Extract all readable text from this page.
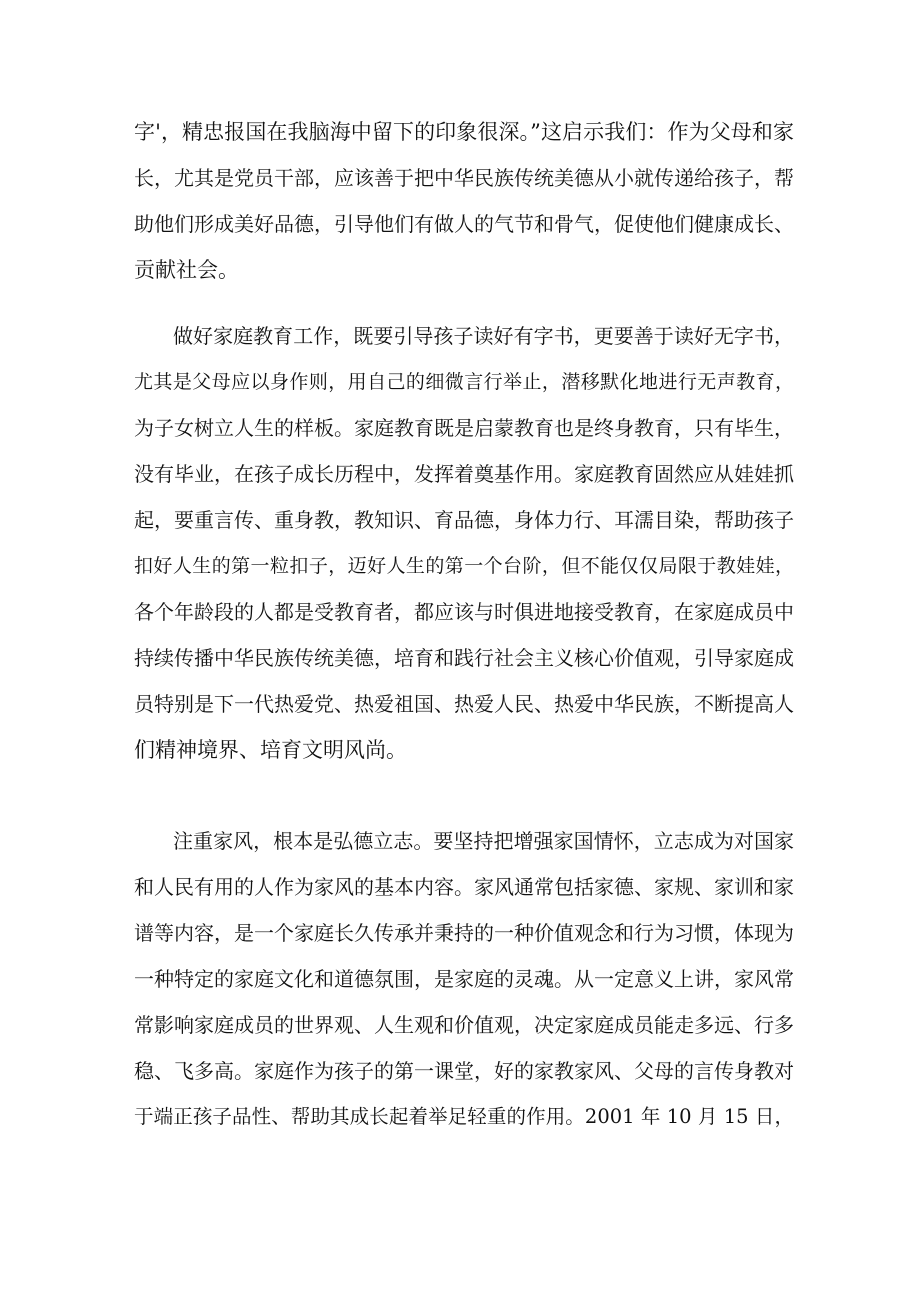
字'，精忠报国在我脑海中留下的印象很深。”这启示我们：作为父母和家
长，尤其是党员干部，应该善于把中华民族传统美德从小就传递给孩子，帮
助他们形成美好品德，引导他们有做人的气节和骨气，促使他们健康成长、
贡献社会。
做好家庭教育工作，既要引导孩子读好有字书，更要善于读好无字书，
尤其是父母应以身作则，用自己的细微言行举止，潜移默化地进行无声教育，
为子女树立人生的样板。家庭教育既是启蒙教育也是终身教育，只有毕生，
没有毕业，在孩子成长历程中，发挥着奠基作用。家庭教育固然应从娃娃抓
起，要重言传、重身教，教知识、育品德，身体力行、耳濡目染，帮助孩子
扣好人生的第一粒扣子，迈好人生的第一个台阶，但不能仅仅局限于教娃娃，
各个年龄段的人都是受教育者，都应该与时俱进地接受教育，在家庭成员中
持续传播中华民族传统美德，培育和践行社会主义核心价值观，引导家庭成
员特别是下一代热爱党、热爱祖国、热爱人民、热爱中华民族，不断提高人
们精神境界、培育文明风尚。
注重家风，根本是弘德立志。要坚持把增强家国情怀，立志成为对国家
和人民有用的人作为家风的基本内容。家风通常包括家德、家规、家训和家
谱等内容，是一个家庭长久传承并秉持的一种价值观念和行为习惯，体现为
一种特定的家庭文化和道德氛围，是家庭的灵魂。从一定意义上讲，家风常
常影响家庭成员的世界观、人生观和价值观，决定家庭成员能走多远、行多
稳、飞多高。家庭作为孩子的第一课堂，好的家教家风、父母的言传身教对
于端正孩子品性、帮助其成长起着举足轻重的作用。2001 年 10 月 15 日，
